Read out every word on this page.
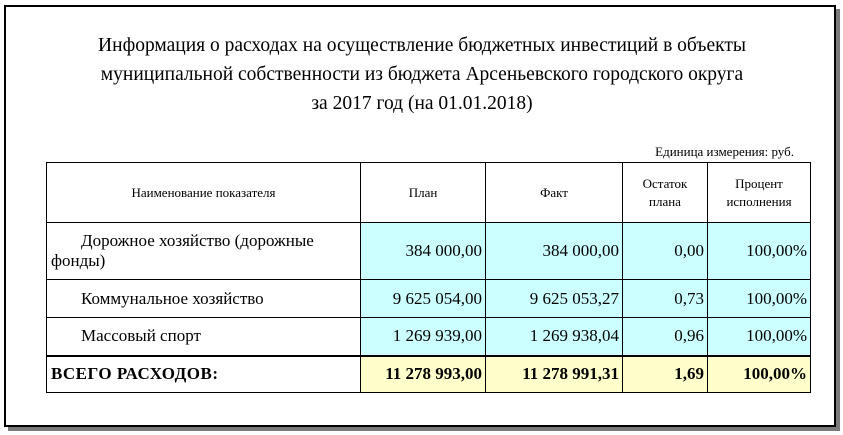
Информация о расходах на осуществление бюджетных инвестиций в объекты
муниципальной собственности из бюджета Арсеньевского городского округа
за 2017 год (на 01.01.2018)
Единица измерения: руб.
Наименование показателя	План	Факт	Остаток плана	Процент исполнения
Дорожное хозяйство (дорожные фонды)	384 000,00	384 000,00	0,00	100,00%
Коммунальное хозяйство	9 625 054,00	9 625 053,27	0,73	100,00%
Массовый спорт	1 269 939,00	1 269 938,04	0,96	100,00%
ВСЕГО РАСХОДОВ:	11 278 993,00	11 278 991,31	1,69	100,00%
